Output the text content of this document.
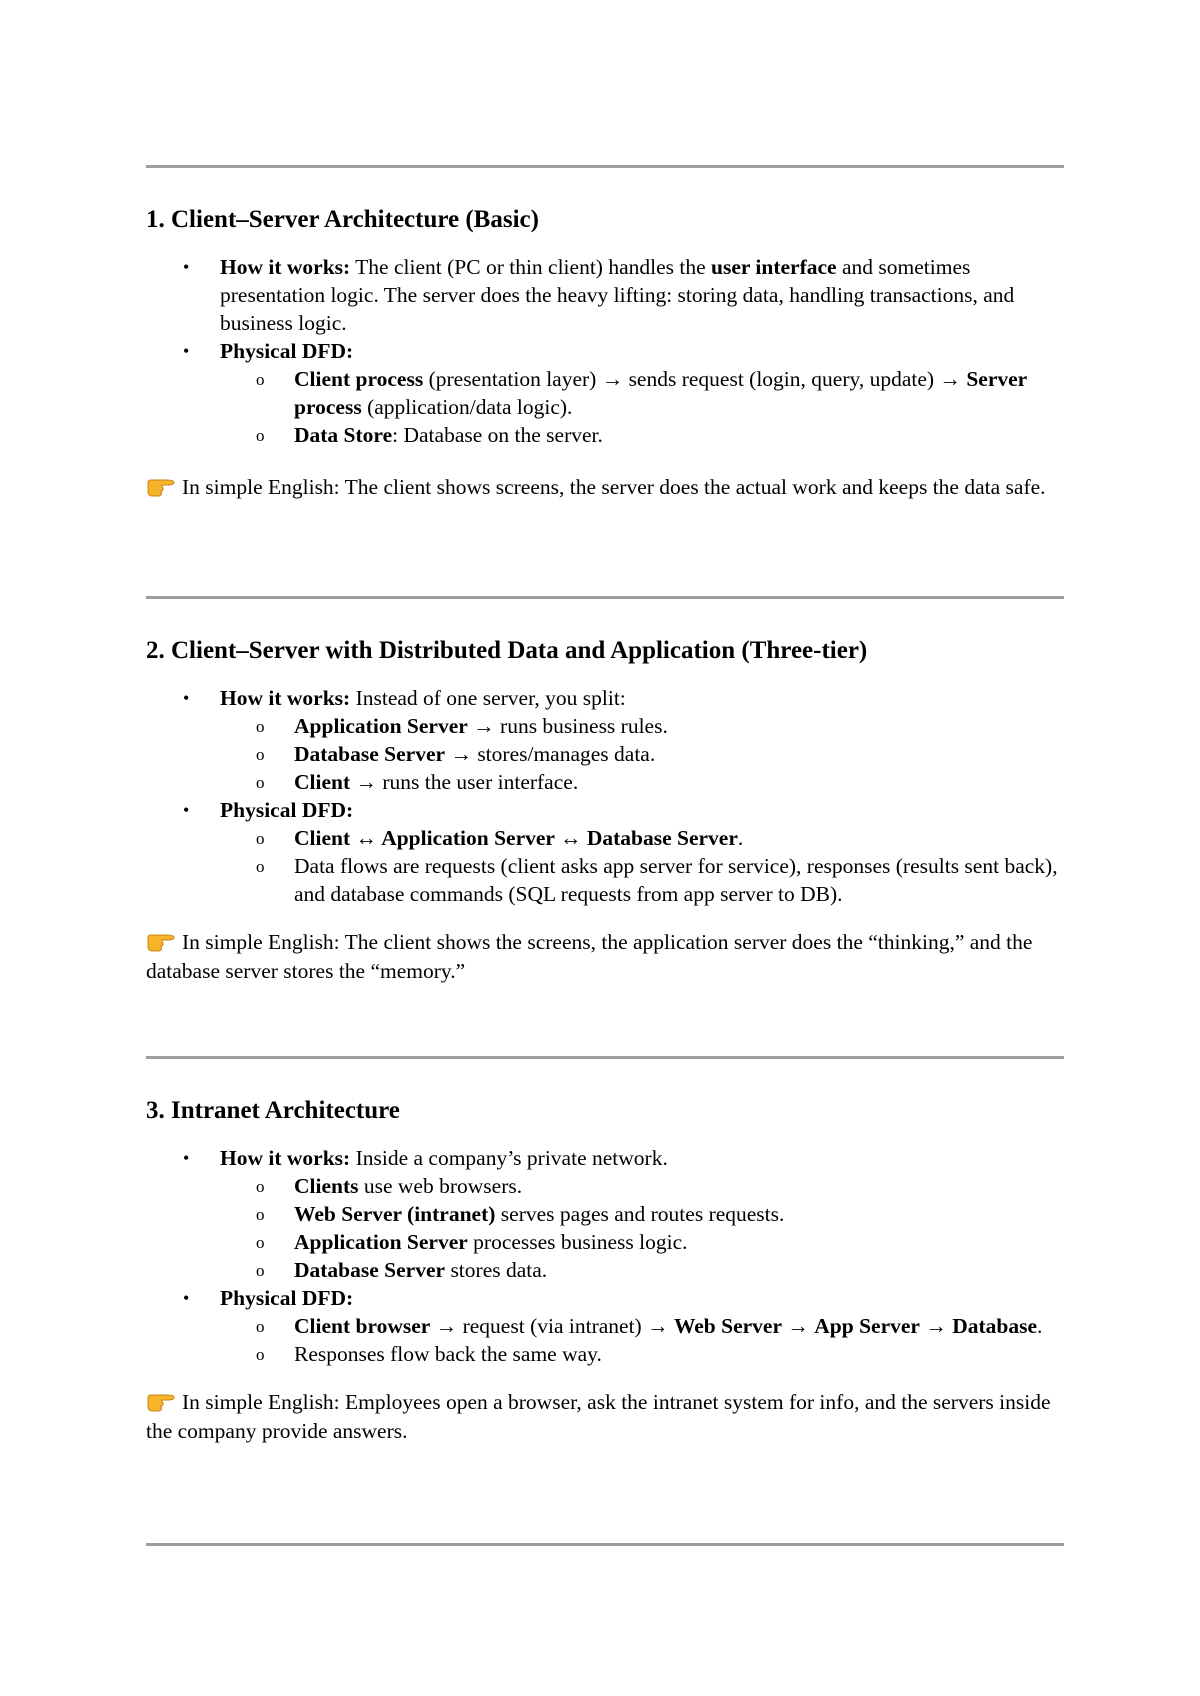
1. Client–Server Architecture (Basic)
• How it works: The client (PC or thin client) handles the user interface and sometimes presentation logic. The server does the heavy lifting: storing data, handling transactions, and business logic.
• Physical DFD:
o	Client process (presentation layer) → sends request (login, query, update) → Server process (application/data logic).
o	Data Store: Database on the server.
In simple English: The client shows screens, the server does the actual work and keeps the data safe.
2. Client–Server with Distributed Data and Application (Three-tier)
• How it works: Instead of one server, you split:
o	Application Server → runs business rules.
o	Database Server → stores/manages data.
o	Client → runs the user interface.
• Physical DFD:
o	Client ↔ Application Server ↔ Database Server.
o	Data flows are requests (client asks app server for service), responses (results sent back), and database commands (SQL requests from app server to DB).
In simple English: The client shows the screens, the application server does the “thinking,” and the database server stores the “memory.”
3. Intranet Architecture
• How it works: Inside a company’s private network.
o	Clients use web browsers.
o	Web Server (intranet) serves pages and routes requests.
o	Application Server processes business logic.
o	Database Server stores data.
• Physical DFD:
o	Client browser → request (via intranet) → Web Server → App Server → Database.
o	Responses flow back the same way.
In simple English: Employees open a browser, ask the intranet system for info, and the servers inside the company provide answers.
